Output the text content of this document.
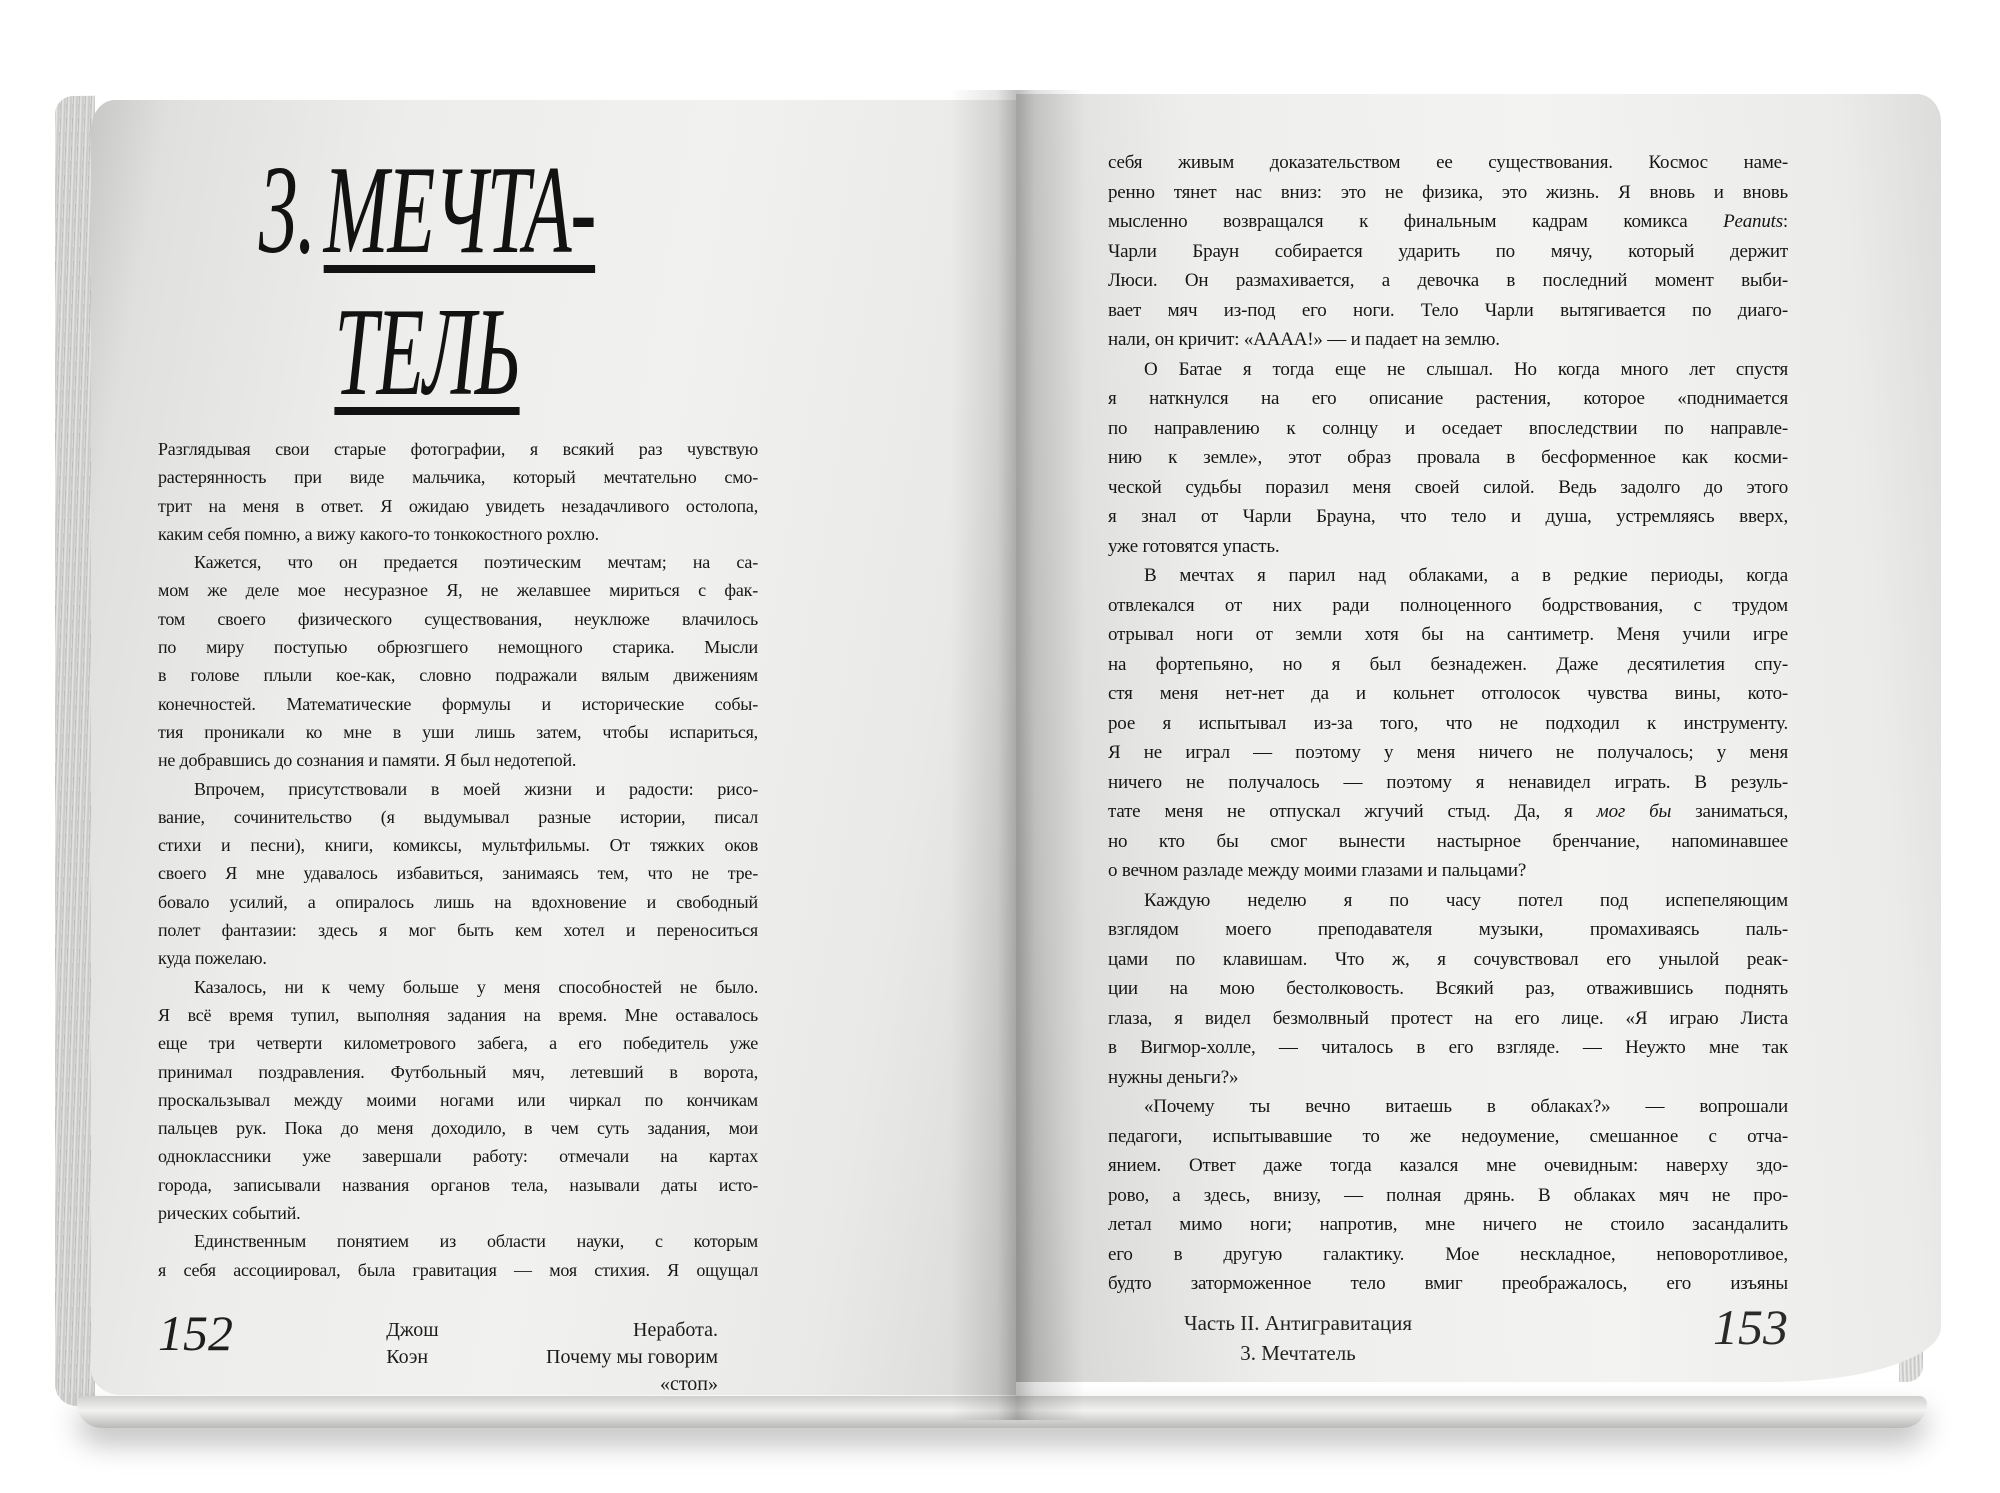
3.МЕЧТА-
ТЕЛЬ
Разглядывая свои старые фотографии, я всякий раз чувствую
растерянность при виде мальчика, который мечтательно смо-
трит на меня в ответ. Я ожидаю увидеть незадачливого остолопа,
каким себя помню, а вижу какого-то тонкокостного рохлю.
Кажется, что он предается поэтическим мечтам; на са-
мом же деле мое несуразное Я, не желавшее мириться с фак-
том своего физического существования, неуклюже влачилось
по миру поступью обрюзгшего немощного старика. Мысли
в голове плыли кое-как, словно подражали вялым движениям
конечностей. Математические формулы и исторические собы-
тия проникали ко мне в уши лишь затем, чтобы испариться,
не добравшись до сознания и памяти. Я был недотепой.
Впрочем, присутствовали в моей жизни и радости: рисо-
вание, сочинительство (я выдумывал разные истории, писал
стихи и песни), книги, комиксы, мультфильмы. От тяжких оков
своего Я мне удавалось избавиться, занимаясь тем, что не тре-
бовало усилий, а опиралось лишь на вдохновение и свободный
полет фантазии: здесь я мог быть кем хотел и переноситься
куда пожелаю.
Казалось, ни к чему больше у меня способностей не было.
Я всё время тупил, выполняя задания на время. Мне оставалось
еще три четверти километрового забега, а его победитель уже
принимал поздравления. Футбольный мяч, летевший в ворота,
проскальзывал между моими ногами или чиркал по кончикам
пальцев рук. Пока до меня доходило, в чем суть задания, мои
одноклассники уже завершали работу: отмечали на картах
города, записывали названия органов тела, называли даты исто-
рических событий.
Единственным понятием из области науки, с которым
я себя ассоциировал, была гравитация — моя стихия. Я ощущал
152	Джош Коэн
Неработа.
Почему мы говорим «стоп»
себя живым доказательством ее существования. Космос наме-
ренно тянет нас вниз: это не физика, это жизнь. Я вновь и вновь
мысленно возвращался к финальным кадрам комикса Peanuts:
Чарли Браун собирается ударить по мячу, который держит
Люси. Он размахивается, а девочка в последний момент выби-
вает мяч из-под его ноги. Тело Чарли вытягивается по диаго-
нали, он кричит: «АААА!» — и падает на землю.
О Батае я тогда еще не слышал. Но когда много лет спустя
я наткнулся на его описание растения, которое «поднимается
по направлению к солнцу и оседает впоследствии по направле-
нию к земле», этот образ провала в бесформенное как косми-
ческой судьбы поразил меня своей силой. Ведь задолго до этого
я знал от Чарли Брауна, что тело и душа, устремляясь вверх,
уже готовятся упасть.
В мечтах я парил над облаками, а в редкие периоды, когда
отвлекался от них ради полноценного бодрствования, с трудом
отрывал ноги от земли хотя бы на сантиметр. Меня учили игре
на фортепьяно, но я был безнадежен. Даже десятилетия спу-
стя меня нет-нет да и кольнет отголосок чувства вины, кото-
рое я испытывал из-за того, что не подходил к инструменту.
Я не играл — поэтому у меня ничего не получалось; у меня
ничего не получалось — поэтому я ненавидел играть. В резуль-
тате меня не отпускал жгучий стыд. Да, я мог бы заниматься,
но кто бы смог вынести настырное бренчание, напоминавшее
о вечном разладе между моими глазами и пальцами?
Каждую неделю я по часу потел под испепеляющим
взглядом моего преподавателя музыки, промахиваясь паль-
цами по клавишам. Что ж, я сочувствовал его унылой реак-
ции на мою бестолковость. Всякий раз, отважившись поднять
глаза, я видел безмолвный протест на его лице. «Я играю Листа
в Вигмор-холле, — читалось в его взгляде. — Неужто мне так
нужны деньги?»
«Почему ты вечно витаешь в облаках?» — вопрошали
педагоги, испытывавшие то же недоумение, смешанное с отча-
янием. Ответ даже тогда казался мне очевидным: наверху здо-
рово, а здесь, внизу, — полная дрянь. В облаках мяч не про-
летал мимо ноги; напротив, мне ничего не стоило засандалить
его в другую галактику. Мое нескладное, неповоротливое,
будто заторможенное тело вмиг преображалось, его изъяны
Часть II. Антигравитация
3. Мечтатель	153
